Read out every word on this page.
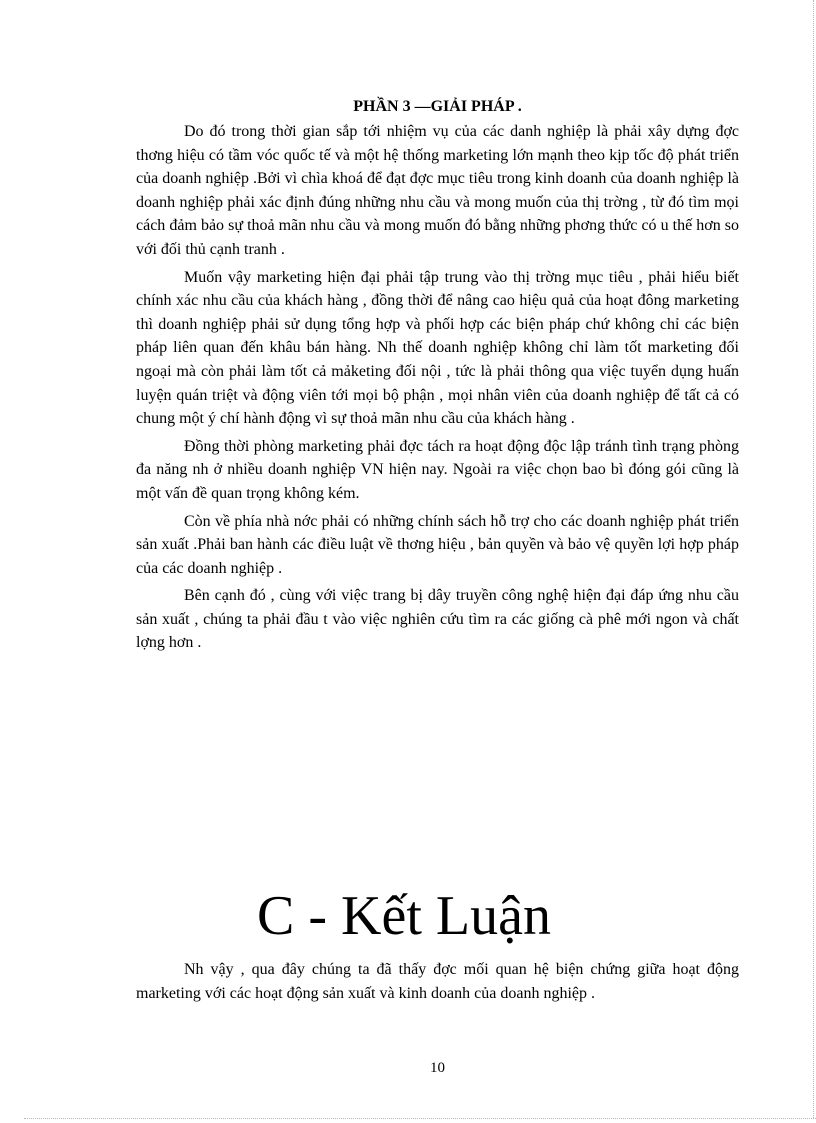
PHẦN 3 —GIẢI PHÁP .

Do đó trong thời gian sắp tới nhiệm vụ của các danh nghiệp là phải xây dựng đợc thơng hiệu có tầm vóc quốc tế và một hệ thống marketing lớn mạnh theo kịp tốc độ phát triển của doanh nghiệp .Bởi vì chìa khoá để đạt đợc mục tiêu trong kinh doanh của doanh nghiệp là doanh nghiệp phải xác định đúng những nhu cầu và mong muốn của thị trờng , từ đó tìm mọi cách đảm bảo sự thoả mãn nhu cầu và mong muốn đó bằng những phơng thức có u thế hơn so với đối thủ cạnh tranh .

Muốn vậy marketing hiện đại phải tập trung vào thị trờng mục tiêu , phải hiểu biết chính xác nhu cầu của khách hàng , đồng thời để nâng cao hiệu quả của hoạt đông marketing thì doanh nghiệp phải sử dụng tổng hợp và phối hợp các biện pháp chứ không chỉ các biện pháp liên quan đến khâu bán hàng. Nh thế doanh nghiệp không chỉ làm tốt marketing đối ngoại mà còn phải làm tốt cả mảketing đối nội , tức là phải thông qua việc tuyển dụng huấn luyện quán triệt và động viên tới mọi bộ phận , mọi nhân viên của doanh nghiệp để tất cả có chung một ý chí hành động vì sự thoả mãn nhu cầu của khách hàng .

Đồng thời phòng marketing phải đợc tách ra hoạt động độc lập tránh tình trạng phòng đa năng nh ở nhiều doanh nghiệp VN hiện nay. Ngoài ra việc chọn bao bì đóng gói cũng là một vấn đề quan trọng không kém.

Còn về phía nhà nớc phải có những chính sách hỗ trợ cho các doanh nghiệp phát triển sản xuất .Phải ban hành các điều luật về thơng hiệu , bản quyền và bảo vệ quyền lợi hợp pháp của các doanh nghiệp .

Bên cạnh đó , cùng với việc trang bị dây truyền công nghệ hiện đại đáp ứng nhu cầu sản xuất , chúng ta phải đầu t vào việc nghiên cứu tìm ra các giống cà phê mới ngon và chất lợng hơn .

C - Kết Luận

Nh vậy , qua đây chúng ta đã thấy đợc mối quan hệ biện chứng giữa hoạt động marketing với các hoạt động sản xuất và kinh doanh của doanh nghiệp .

10
